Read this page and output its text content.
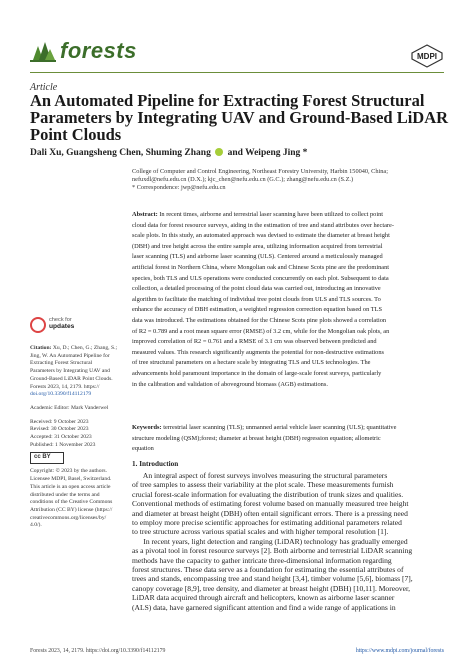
forests	MDPI
Article
An Automated Pipeline for Extracting Forest Structural
Parameters by Integrating UAV and Ground-Based LiDAR
Point Clouds
Dali Xu, Guangsheng Chen, Shuming Zhang and Weipeng Jing *
College of Computer and Control Engineering, Northeast Forestry University, Harbin 150040, China;
nefuxdl@nefu.edu.cn (D.X.); kjc_chen@nefu.edu.cn (G.C.); zhang@nefu.edu.cn (S.Z.)
* Correspondence: jwp@nefu.edu.cn
Abstract: In recent times, airborne and terrestrial laser scanning have been utilized to collect point
cloud data for forest resource surveys, aiding in the estimation of tree and stand attributes over hectare-
scale plots. In this study, an automated approach was devised to estimate the diameter at breast height
(DBH) and tree height across the entire sample area, utilizing information acquired from terrestrial
laser scanning (TLS) and airborne laser scanning (ULS). Centered around a meticulously managed
artificial forest in Northern China, where Mongolian oak and Chinese Scots pine are the predominant
species, both TLS and ULS operations were conducted concurrently on each plot. Subsequent to data
collection, a detailed processing of the point cloud data was carried out, introducing an innovative
algorithm to facilitate the matching of individual tree point clouds from ULS and TLS sources. To
enhance the accuracy of DBH estimation, a weighted regression correction equation based on TLS
data was introduced. The estimations obtained for the Chinese Scots pine plots showed a correlation
of R2 = 0.789 and a root mean square error (RMSE) of 3.2 cm, while for the Mongolian oak plots, an
improved correlation of R2 = 0.761 and a RMSE of 3.1 cm was observed between predicted and
measured values. This research significantly augments the potential for non-destructive estimations
of tree structural parameters on a hectare scale by integrating TLS and ULS technologies. The
advancements hold paramount importance in the domain of large-scale forest surveys, particularly
in the calibration and validation of aboveground biomass (AGB) estimations.
Keywords: terrestrial laser scanning (TLS); unmanned aerial vehicle laser scanning (ULS); quantitative
structure modeling (QSM);forest; diameter at breast height (DBH) regression equation; allometric
equation
check for
updates
Citation: Xu, D.; Chen, G.; Zhang, S.;
Jing, W. An Automated Pipeline for
Extracting Forest Structural
Parameters by Integrating UAV and
Ground-Based LiDAR Point Clouds.
Forests 2023, 14, 2179. https://
doi.org/10.3390/f14112179
Academic Editor: Mark Vanderwel
Received: 9 October 2023
Revised: 30 October 2023
Accepted: 31 October 2023
Published: 1 November 2023
cc BY
Copyright: © 2023 by the authors.
Licensee MDPI, Basel, Switzerland.
This article is an open access article
distributed under the terms and
conditions of the Creative Commons
Attribution (CC BY) license (https://
creativecommons.org/licenses/by/
4.0/).
1. Introduction
An integral aspect of forest surveys involves measuring the structural parameters
of tree samples to assess their variability at the plot scale. These measurements furnish
crucial forest-scale information for evaluating the distribution of trunk sizes and qualities.
Conventional methods of estimating forest volume based on manually measured tree height
and diameter at breast height (DBH) often entail significant errors. There is a pressing need
to employ more precise scientific approaches for estimating additional parameters related
to tree structure across various spatial scales and with higher temporal resolution [1].
In recent years, light detection and ranging (LiDAR) technology has gradually emerged
as a pivotal tool in forest resource surveys [2]. Both airborne and terrestrial LiDAR scanning
methods have the capacity to gather intricate three-dimensional information regarding
forest structures. These data serve as a foundation for estimating the essential attributes of
trees and stands, encompassing tree and stand height [3,4], timber volume [5,6], biomass [7],
canopy coverage [8,9], tree density, and diameter at breast height (DBH) [10,11]. Moreover,
LiDAR data acquired through aircraft and helicopters, known as airborne laser scanner
(ALS) data, have garnered significant attention and find a wide range of applications in
Forests 2023, 14, 2179. https://doi.org/10.3390/f14112179	https://www.mdpi.com/journal/forests
